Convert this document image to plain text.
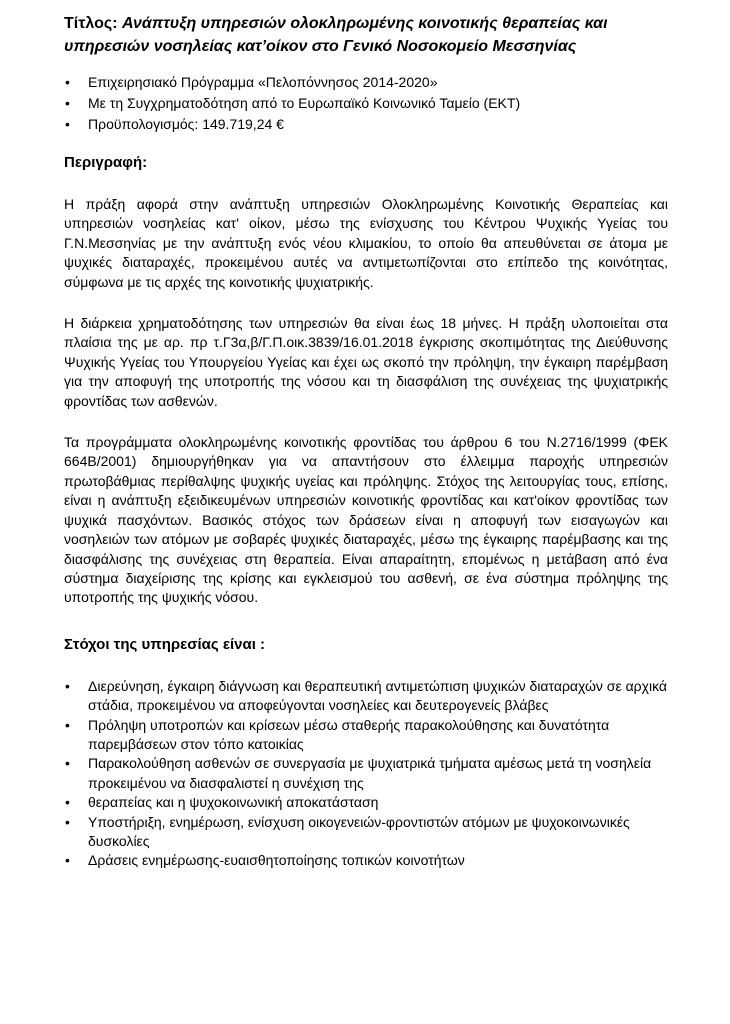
Τίτλος: Ανάπτυξη υπηρεσιών ολοκληρωμένης κοινοτικής θεραπείας και υπηρεσιών νοσηλείας κατ’οίκον στο Γενικό Νοσοκομείο Μεσσηνίας

• Επιχειρησιακό Πρόγραμμα «Πελοπόννησος 2014-2020»
• Με τη Συγχρηματοδότηση από το Ευρωπαϊκό Κοινωνικό Ταμείο (ΕΚΤ)
• Προϋπολογισμός: 149.719,24 €

Περιγραφή:

Η πράξη αφορά στην ανάπτυξη υπηρεσιών Ολοκληρωμένης Κοινοτικής Θεραπείας και υπηρεσιών νοσηλείας κατ' οίκον, μέσω της ενίσχυσης του Κέντρου Ψυχικής Υγείας του Γ.Ν.Μεσσηνίας με την ανάπτυξη ενός νέου κλιμακίου, το οποίο θα απευθύνεται σε άτομα με ψυχικές διαταραχές, προκειμένου αυτές να αντιμετωπίζονται στο επίπεδο της κοινότητας, σύμφωνα με τις αρχές της κοινοτικής ψυχιατρικής.

Η διάρκεια χρηματοδότησης των υπηρεσιών θα είναι έως 18 μήνες. Η πράξη υλοποιείται στα πλαίσια της με αρ. πρ τ.Γ3α,β/Γ.Π.οικ.3839/16.01.2018 έγκρισης σκοπιμότητας της Διεύθυνσης Ψυχικής Υγείας του Υπουργείου Υγείας και έχει ως σκοπό την πρόληψη, την έγκαιρη παρέμβαση για την αποφυγή της υποτροπής της νόσου και τη διασφάλιση της συνέχειας της ψυχιατρικής φροντίδας των ασθενών.

Τα προγράμματα ολοκληρωμένης κοινοτικής φροντίδας του άρθρου 6 του Ν.2716/1999 (ΦΕΚ 664Β/2001) δημιουργήθηκαν για να απαντήσουν στο έλλειμμα παροχής υπηρεσιών πρωτοβάθμιας περίθαλψης ψυχικής υγείας και πρόληψης. Στόχος της λειτουργίας τους, επίσης, είναι η ανάπτυξη εξειδικευμένων υπηρεσιών κοινοτικής φροντίδας και κατ'οίκον φροντίδας των ψυχικά πασχόντων. Βασικός στόχος των δράσεων είναι η αποφυγή των εισαγωγών και νοσηλειών των ατόμων με σοβαρές ψυχικές διαταραχές, μέσω της έγκαιρης παρέμβασης και της διασφάλισης της συνέχειας στη θεραπεία. Είναι απαραίτητη, επομένως η μετάβαση από ένα σύστημα διαχείρισης της κρίσης και εγκλεισμού του ασθενή, σε ένα σύστημα πρόληψης της υποτροπής της ψυχικής νόσου.

Στόχοι της υπηρεσίας είναι :

• Διερεύνηση, έγκαιρη διάγνωση και θεραπευτική αντιμετώπιση ψυχικών διαταραχών σε αρχικά στάδια, προκειμένου να αποφεύγονται νοσηλείες και δευτερογενείς βλάβες
• Πρόληψη υποτροπών και κρίσεων μέσω σταθερής παρακολούθησης και δυνατότητα παρεμβάσεων στον τόπο κατοικίας
• Παρακολούθηση ασθενών σε συνεργασία με ψυχιατρικά τμήματα αμέσως μετά τη νοσηλεία προκειμένου να διασφαλιστεί η συνέχιση της
• θεραπείας και η ψυχοκοινωνική αποκατάσταση
• Υποστήριξη, ενημέρωση, ενίσχυση οικογενειών-φροντιστών ατόμων με ψυχοκοινωνικές δυσκολίες
• Δράσεις ενημέρωσης-ευαισθητοποίησης τοπικών κοινοτήτων
